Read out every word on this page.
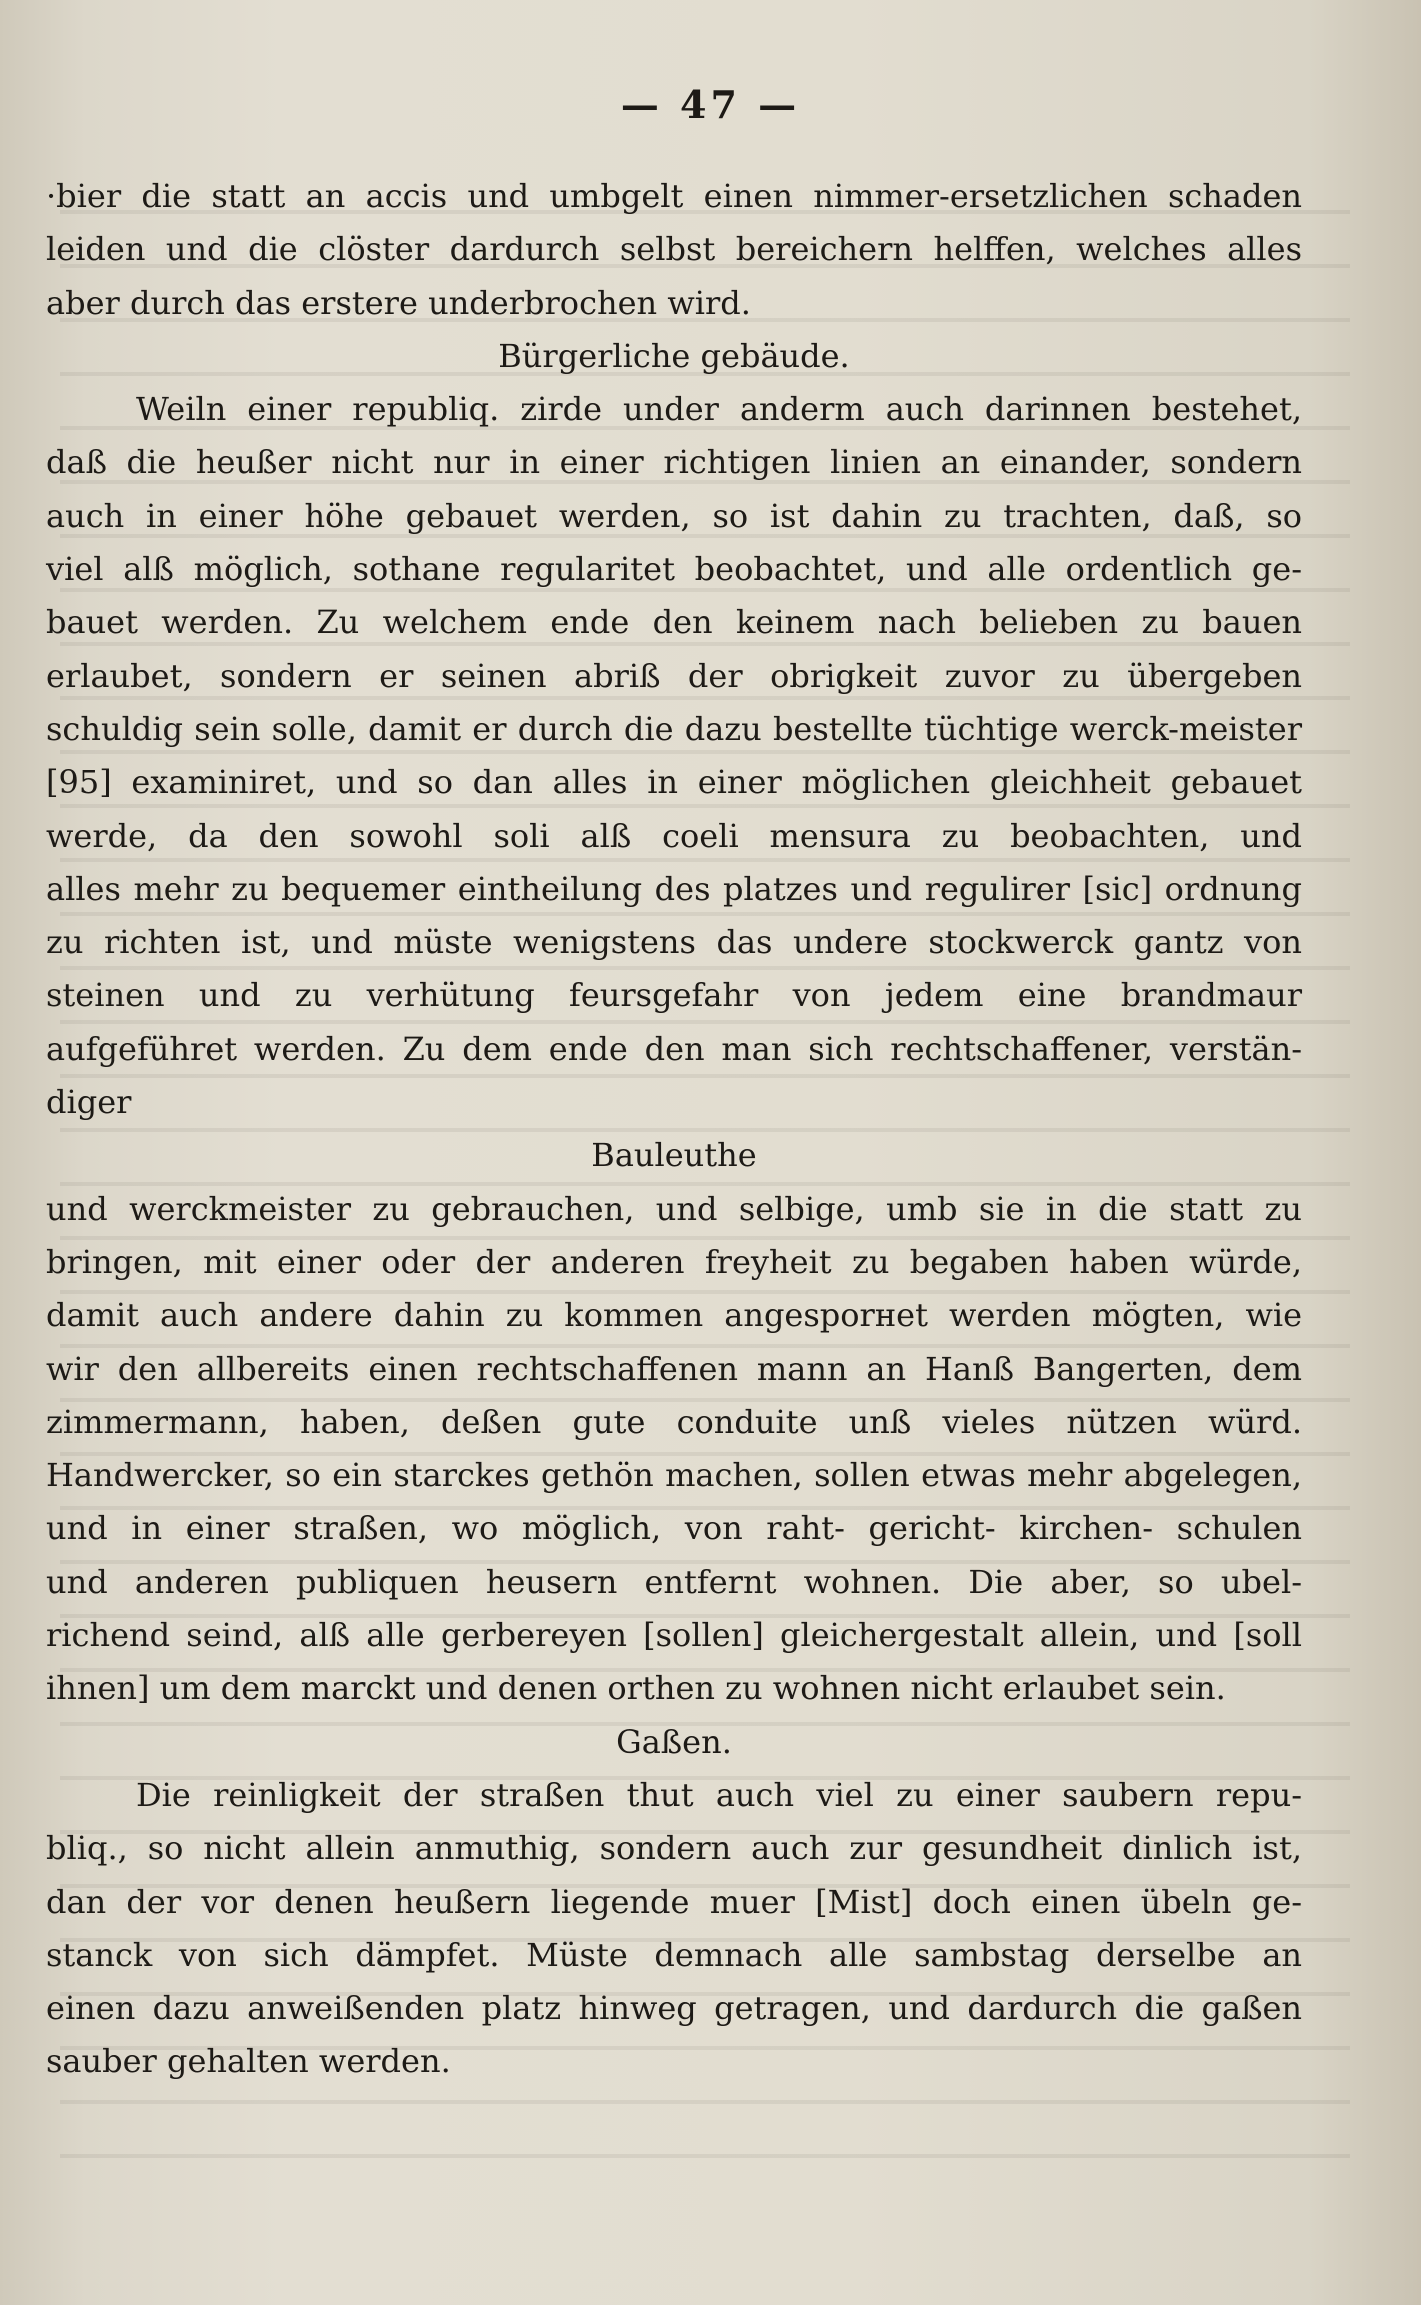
— 47 —
·bier die statt an accis und umbgelt einen nimmer-ersetzlichen schaden
leiden und die clöster dardurch selbst bereichern helffen, welches alles
aber durch das erstere underbrochen wird.
Bürgerliche gebäude.
Weiln einer republiq. zirde under anderm auch darinnen bestehet,
daß die heußer nicht nur in einer richtigen linien an einander, sondern
auch in einer höhe gebauet werden, so ist dahin zu trachten, daß, so
viel alß möglich, sothane regularitet beobachtet, und alle ordentlich ge-
bauet werden. Zu welchem ende den keinem nach belieben zu bauen
erlaubet, sondern er seinen abriß der obrigkeit zuvor zu übergeben
schuldig sein solle, damit er durch die dazu bestellte tüchtige werck-meister
[95] examiniret, und so dan alles in einer möglichen gleichheit gebauet
werde, da den sowohl soli alß coeli mensura zu beobachten, und
alles mehr zu bequemer eintheilung des platzes und regulirer [sic] ordnung
zu richten ist, und müste wenigstens das undere stockwerck gantz von
steinen und zu verhütung feursgefahr von jedem eine brandmaur
aufgeführet werden. Zu dem ende den man sich rechtschaffener, verstän-
diger
Bauleuthe
und werckmeister zu gebrauchen, und selbige, umb sie in die statt zu
bringen, mit einer oder der anderen freyheit zu begaben haben würde,
damit auch andere dahin zu kommen angesporнet werden mögten, wie
wir den allbereits einen rechtschaffenen mann an Hanß Bangerten, dem
zimmermann, haben, deßen gute conduite unß vieles nützen würd.
Handwercker, so ein starckes gethön machen, sollen etwas mehr abgelegen,
und in einer straßen, wo möglich, von raht- gericht- kirchen- schulen
und anderen publiquen heusern entfernt wohnen. Die aber, so ubel-
richend seind, alß alle gerbereyen [sollen] gleichergestalt allein, und [soll
ihnen] um dem marckt und denen orthen zu wohnen nicht erlaubet sein.
Gaßen.
Die reinligkeit der straßen thut auch viel zu einer saubern repu-
bliq., so nicht allein anmuthig, sondern auch zur gesundheit dinlich ist,
dan der vor denen heußern liegende muer [Mist] doch einen übeln ge-
stanck von sich dämpfet. Müste demnach alle sambstag derselbe an
einen dazu anweißenden platz hinweg getragen, und dardurch die gaßen
sauber gehalten werden.
